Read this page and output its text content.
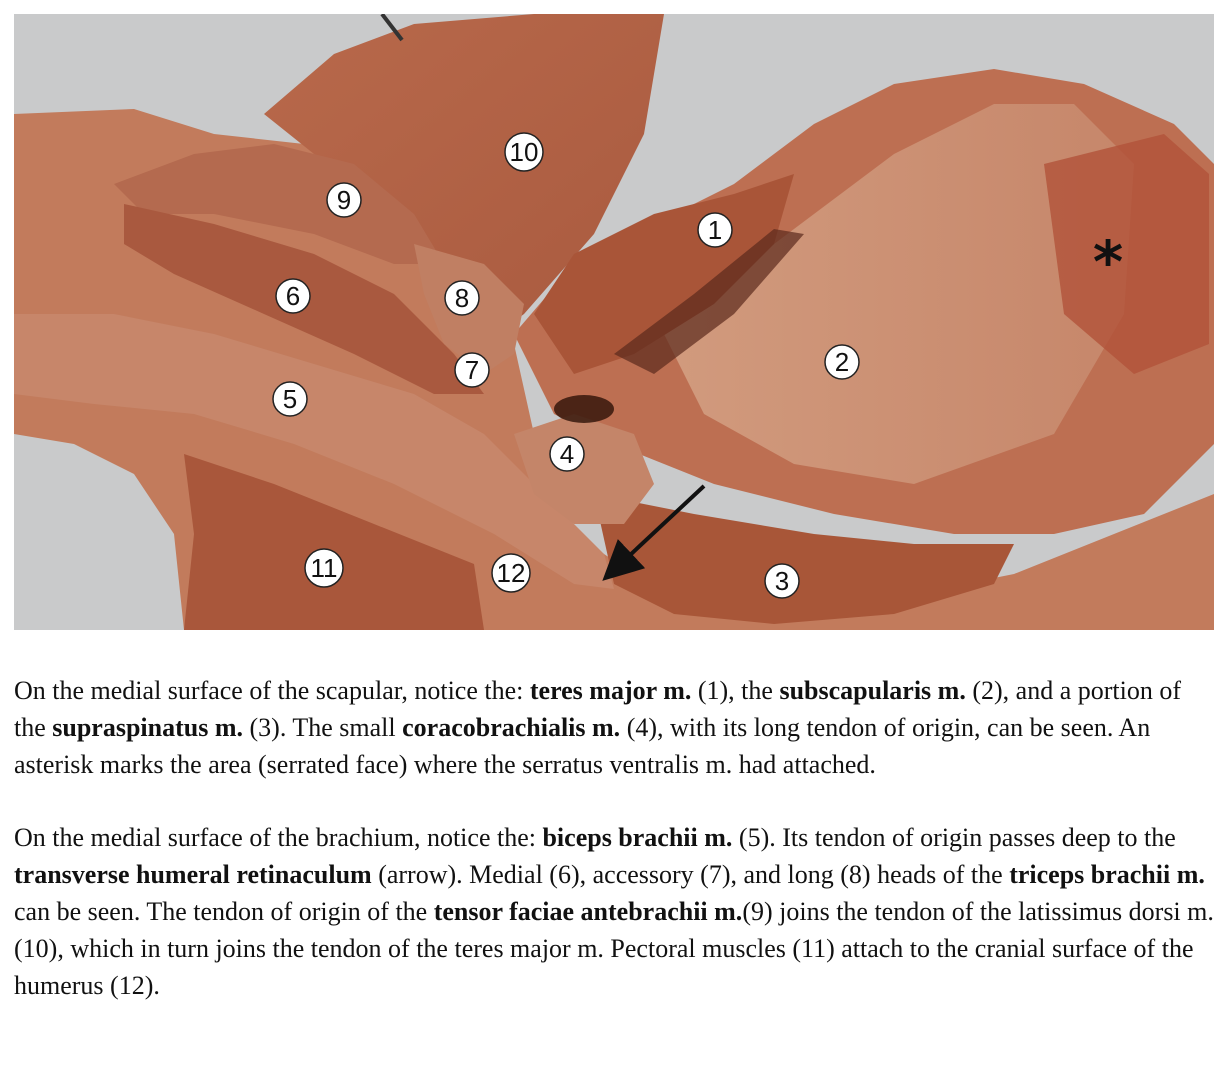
1
2
3
4
5
6
7
8
9
10
11	12
*

On the medial surface of the scapular, notice the: teres major m. (1), the subscapularis m. (2), and a portion of the supraspinatus m. (3). The small coracobrachialis m. (4), with its long tendon of origin, can be seen. An asterisk marks the area (serrated face) where the serratus ventralis m. had attached.

On the medial surface of the brachium, notice the: biceps brachii m. (5). Its tendon of origin passes deep to the transverse humeral retinaculum (arrow). Medial (6), accessory (7), and long (8) heads of the triceps brachii m. can be seen. The tendon of origin of the tensor faciae antebrachii m.(9) joins the tendon of the latissimus dorsi m. (10), which in turn joins the tendon of the teres major m. Pectoral muscles (11) attach to the cranial surface of the humerus (12).
